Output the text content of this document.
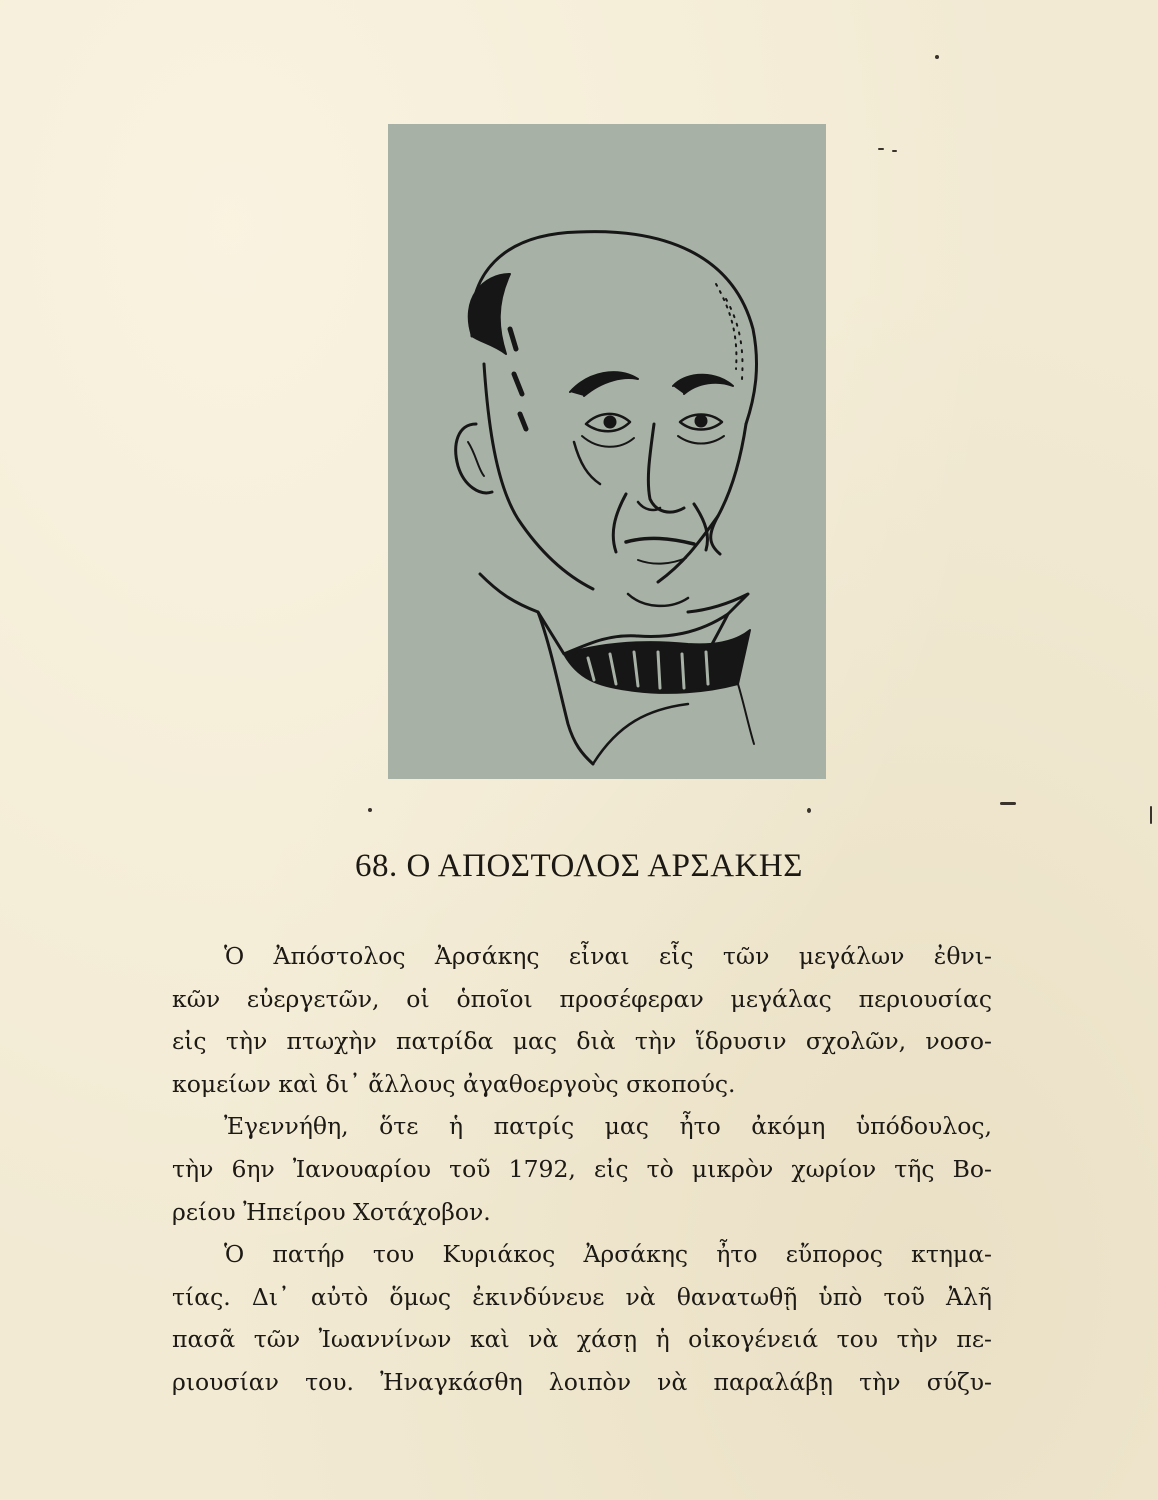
68. Ο ΑΠΟΣΤΟΛΟΣ ΑΡΣΑΚΗΣ
Ὁ Ἀπόστολος Ἀρσάκης εἶναι εἷς τῶν μεγάλων ἐθνι-
κῶν εὐεργετῶν, οἱ ὁποῖοι προσέφεραν μεγάλας περιουσίας
εἰς τὴν πτωχὴν πατρίδα μας διὰ τὴν ἵδρυσιν σχολῶν, νοσο-
κομείων καὶ δι᾽ ἄλλους ἀγαθοεργοὺς σκοπούς.
Ἐγεννήθη, ὅτε ἡ πατρίς μας ἦτο ἀκόμη ὑπόδουλος,
τὴν 6ην Ἰανουαρίου τοῦ 1792, εἰς τὸ μικρὸν χωρίον τῆς Βο-
ρείου Ἠπείρου Χοτάχοβον.
Ὁ πατήρ του Κυριάκος Ἀρσάκης ἦτο εὔπορος κτημα-
τίας. Δι᾽ αὐτὸ ὅμως ἐκινδύνευε νὰ θανατωθῇ ὑπὸ τοῦ Ἀλῆ
πασᾶ τῶν Ἰωαννίνων καὶ νὰ χάσῃ ἡ οἰκογένειά του τὴν πε-
ριουσίαν του. Ἠναγκάσθη λοιπὸν νὰ παραλάβῃ τὴν σύζυ-
